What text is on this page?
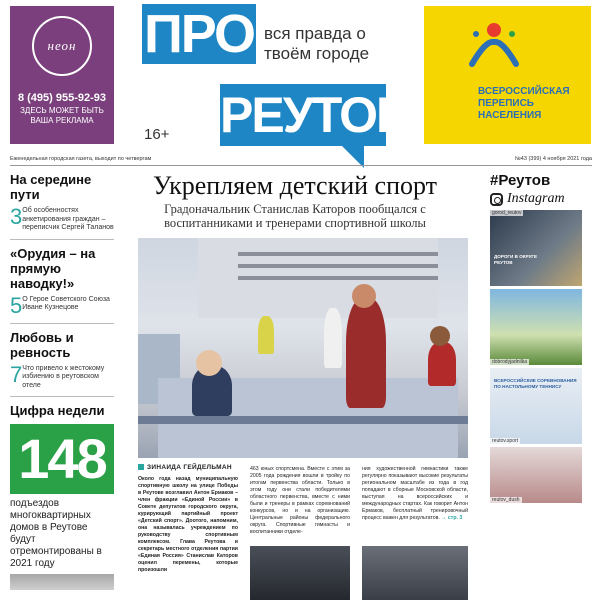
неон
8 (495) 955-92-93
ЗДЕСЬ МОЖЕТ БЫТЬ ВАША РЕКЛАМА
ПРО вся правда о твоём городе
РЕУТОВ
16+
ВСЕРОССИЙСКАЯ ПЕРЕПИСЬ НАСЕЛЕНИЯ
Еженедельная городская газета, выходит по четвергам	№43 (399) 4 ноября 2021 года
На середине пути
3 Об особенностях анкетирования граждан – переписчик Сергей Таланов
«Орудия – на прямую наводку!»
5 О Герое Советского Союза Иване Кузнецове
Любовь и ревность
7 Что привело к жестокому избиению в реутовском отеле
Цифра недели
148
подъездов многоквартирных домов в Реутове будут отремонтированы в 2021 году
Укрепляем детский спорт
Градоначальник Станислав Каторов пообщался с воспитанниками и тренерами спортивной школы
ЗИНАИДА ГЕЙДЕЛЬМАН
Около года назад муниципальную спортивную школу на улице Победы в Реутове возглавил Антон Ермаков – член фракции «Единой России» в Совете депутатов городского округа, курирующий партийный проект «Детский спорт». Доотого, напомним, она называлась учреждением по руководству спортивным комплексом. Глава Реутова и секретарь местного отделения партии «Единая Россия» Станислав Каторов оценил перемены, которые произошли
463 юных спортсмена. Вместе с этим за 2005 года рождения вошли в тройку по итогам первенства области. Только в этом году они стали победителями областного первенства, вместе с ними были и тренеры в рамках соревнований конкурсов, но и на организацию. Центральные районы федерального округа. Спортивные гимнасты и воспитанники отделе-
ния художественной гимнастики также регулярно показывают высокие результаты региональном масштабе из года в год попадают в сборные Московской области, выступая на всероссийских и международных стартах. Как говорит Антон Ермаков, бесплатный тренировочный процесс важен для результатов. → стр. 3
#Реутов
Instagram
gorod_reutov
ДОРОГИ В ОКРУГЕ РЕУТОВ
dobrodyjadnilka
ВСЕРОССИЙСКИЕ СОРЕВНОВАНИЯ ПО НАСТОЛЬНОМУ ТЕННИСУ
reutov.sport
reutov_dush
